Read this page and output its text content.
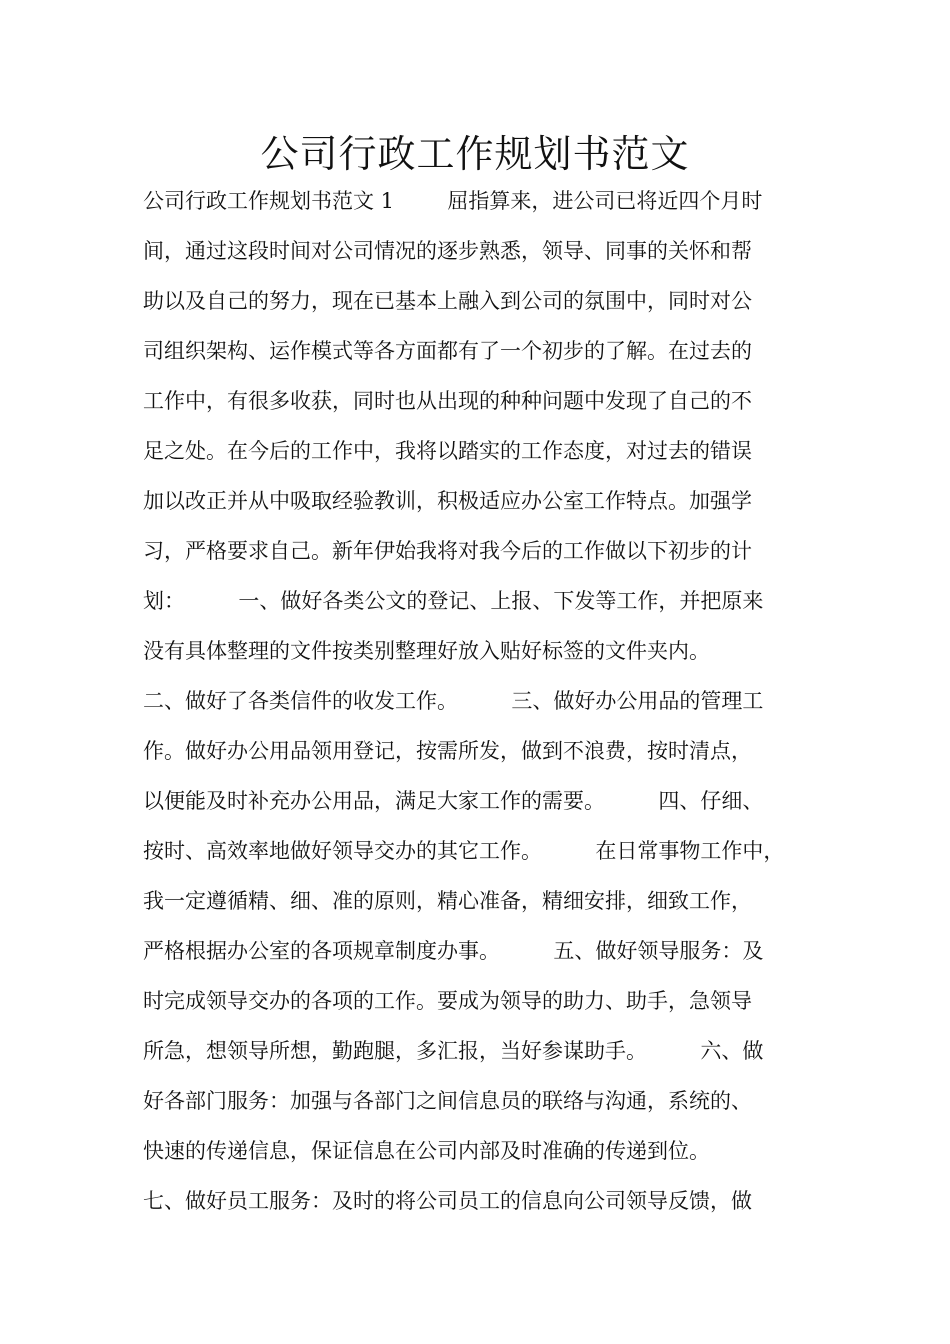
公司行政工作规划书范文
公司行政工作规划书范文 1        屈指算来，进公司已将近四个月时
间，通过这段时间对公司情况的逐步熟悉，领导、同事的关怀和帮
助以及自己的努力，现在已基本上融入到公司的氛围中，同时对公
司组织架构、运作模式等各方面都有了一个初步的了解。在过去的
工作中，有很多收获，同时也从出现的种种问题中发现了自己的不
足之处。在今后的工作中，我将以踏实的工作态度，对过去的错误
加以改正并从中吸取经验教训，积极适应办公室工作特点。加强学
习，严格要求自己。新年伊始我将对我今后的工作做以下初步的计
划：        一、做好各类公文的登记、上报、下发等工作，并把原来
没有具体整理的文件按类别整理好放入贴好标签的文件夹内。
二、做好了各类信件的收发工作。        三、做好办公用品的管理工
作。做好办公用品领用登记，按需所发，做到不浪费，按时清点，
以便能及时补充办公用品，满足大家工作的需要。        四、仔细、
按时、高效率地做好领导交办的其它工作。        在日常事物工作中，
我一定遵循精、细、准的原则，精心准备，精细安排，细致工作，
严格根据办公室的各项规章制度办事。        五、做好领导服务：及
时完成领导交办的各项的工作。要成为领导的助力、助手，急领导
所急，想领导所想，勤跑腿，多汇报，当好参谋助手。        六、做
好各部门服务：加强与各部门之间信息员的联络与沟通，系统的、
快速的传递信息，保证信息在公司内部及时准确的传递到位。
七、做好员工服务：及时的将公司员工的信息向公司领导反馈，做
